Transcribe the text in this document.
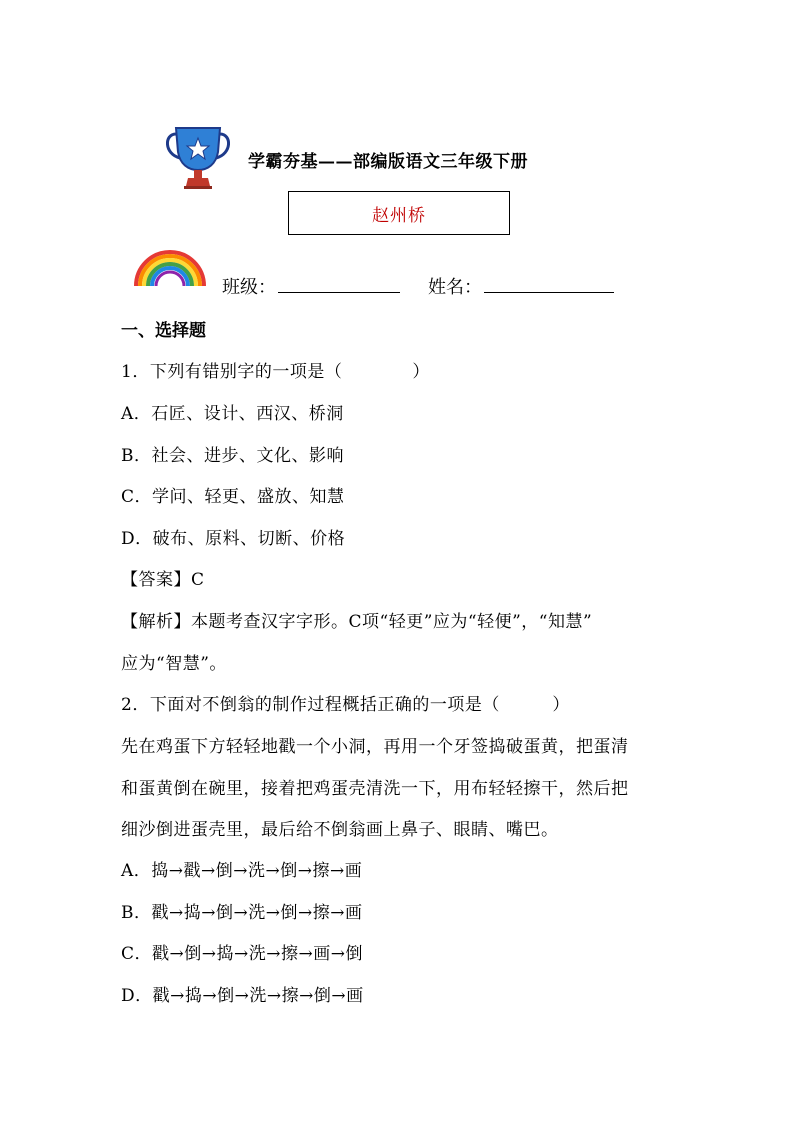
学霸夯基——部编版语文三年级下册
赵州桥
班级：	姓名：
一、选择题
1．下列有错别字的一项是（　　　　）
A．石匠、设计、西汉、桥洞
B．社会、进步、文化、影响
C．学问、轻更、盛放、知慧
D．破布、原料、切断、价格
【答案】C
【解析】本题考查汉字字形。C项“轻更”应为“轻便”，“知慧”
应为“智慧”。
2．下面对不倒翁的制作过程概括正确的一项是（　　　）
先在鸡蛋下方轻轻地戳一个小洞，再用一个牙签捣破蛋黄，把蛋清
和蛋黄倒在碗里，接着把鸡蛋壳清洗一下，用布轻轻擦干，然后把
细沙倒进蛋壳里，最后给不倒翁画上鼻子、眼睛、嘴巴。
A．捣→戳→倒→洗→倒→擦→画
B．戳→捣→倒→洗→倒→擦→画
C．戳→倒→捣→洗→擦→画→倒
D．戳→捣→倒→洗→擦→倒→画
